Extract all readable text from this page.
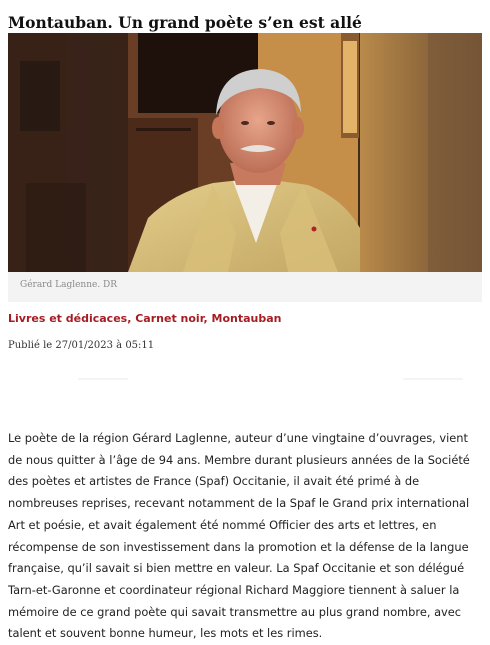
Montauban. Un grand poète s’en est allé
Gérard Laglenne. DR
Livres et dédicaces, Carnet noir, Montauban
Publié le 27/01/2023 à 05:11

Le poète de la région Gérard Laglenne, auteur d’une vingtaine d’ouvrages, vient de nous quitter à l’âge de 94 ans. Membre durant plusieurs années de la Société des poètes et artistes de France (Spaf) Occitanie, il avait été primé à de nombreuses reprises, recevant notamment de la Spaf le Grand prix international Art et poésie, et avait également été nommé Officier des arts et lettres, en récompense de son investissement dans la promotion et la défense de la langue française, qu’il savait si bien mettre en valeur. La Spaf Occitanie et son délégué Tarn-et-Garonne et coordinateur régional Richard Maggiore tiennent à saluer la mémoire de ce grand poète qui savait transmettre au plus grand nombre, avec talent et souvent bonne humeur, les mots et les rimes.
